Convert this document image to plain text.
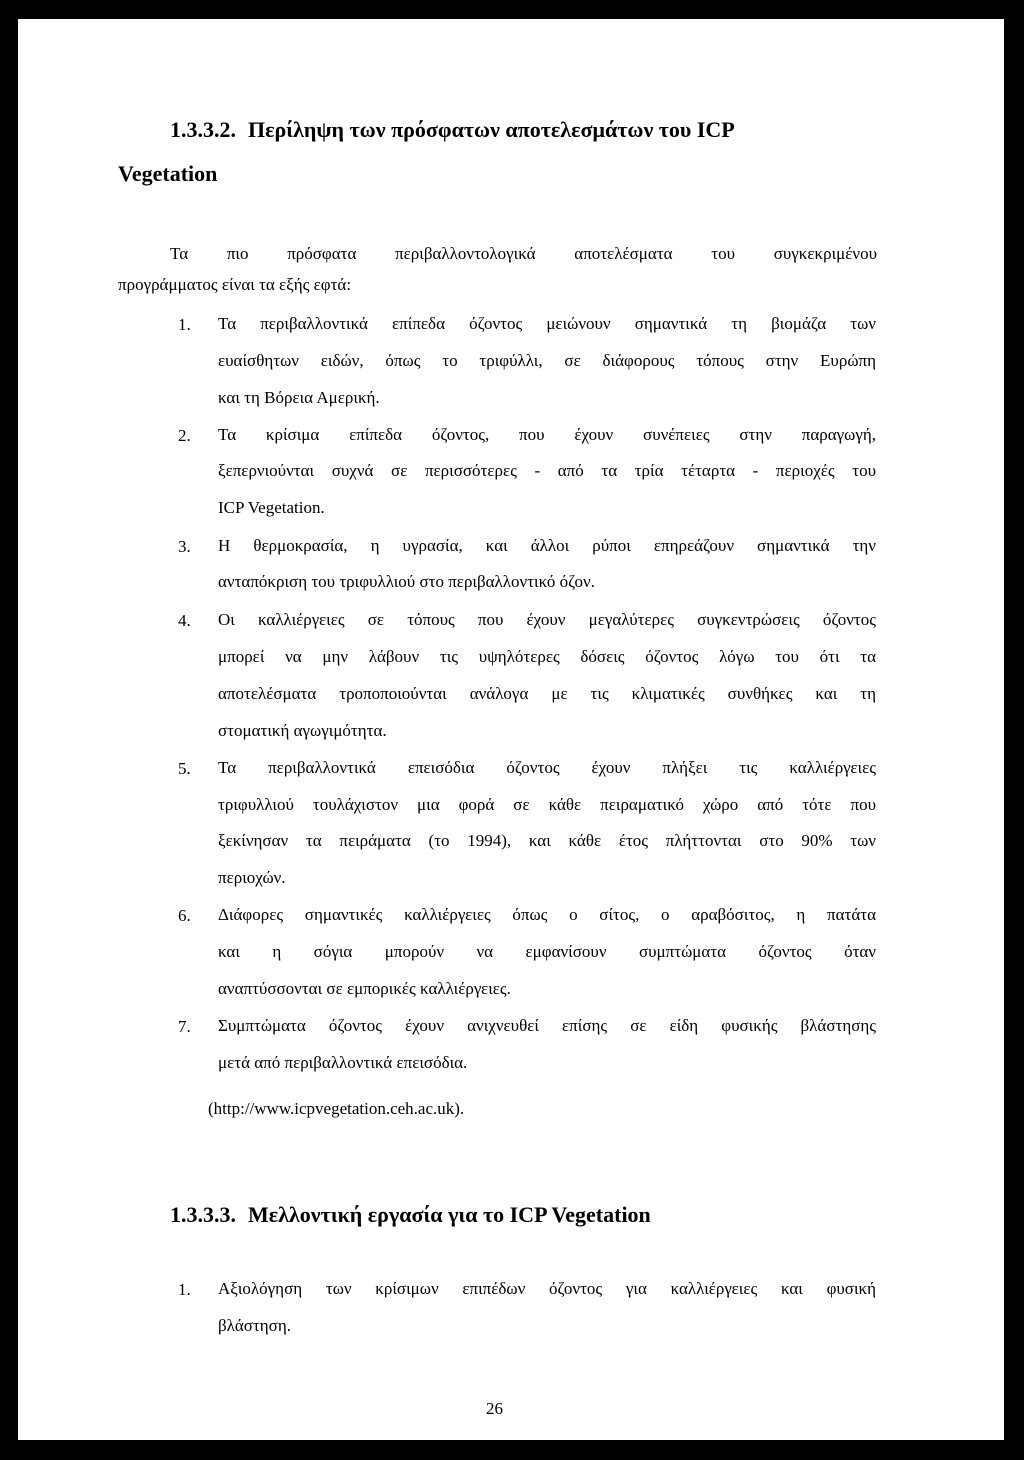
1.3.3.2. Περίληψη των πρόσφατων αποτελεσμάτων του ICP
Vegetation
Τα πιο πρόσφατα περιβαλλοντολογικά αποτελέσματα του συγκεκριμένου
προγράμματος είναι τα εξής εφτά:
1.	Τα περιβαλλοντικά επίπεδα όζοντος μειώνουν σημαντικά τη βιομάζα των
ευαίσθητων ειδών, όπως το τριφύλλι, σε διάφορους τόπους στην Ευρώπη
και τη Βόρεια Αμερική.
2.	Τα κρίσιμα επίπεδα όζοντος, που έχουν συνέπειες στην παραγωγή,
ξεπερνιούνται συχνά σε περισσότερες - από τα τρία τέταρτα - περιοχές του
ICP Vegetation.
3.	Η θερμοκρασία, η υγρασία, και άλλοι ρύποι επηρεάζουν σημαντικά την
ανταπόκριση του τριφυλλιού στο περιβαλλοντικό όζον.
4.	Οι καλλιέργειες σε τόπους που έχουν μεγαλύτερες συγκεντρώσεις όζοντος
μπορεί να μην λάβουν τις υψηλότερες δόσεις όζοντος λόγω του ότι τα
αποτελέσματα τροποποιούνται ανάλογα με τις κλιματικές συνθήκες και τη
στοματική αγωγιμότητα.
5.	Τα περιβαλλοντικά επεισόδια όζοντος έχουν πλήξει τις καλλιέργειες
τριφυλλιού τουλάχιστον μια φορά σε κάθε πειραματικό χώρο από τότε που
ξεκίνησαν τα πειράματα (το 1994), και κάθε έτος πλήττονται στο 90% των
περιοχών.
6.	Διάφορες σημαντικές καλλιέργειες όπως ο σίτος, ο αραβόσιτος, η πατάτα
και η σόγια μπορούν να εμφανίσουν συμπτώματα όζοντος όταν
αναπτύσσονται σε εμπορικές καλλιέργειες.
7.	Συμπτώματα όζοντος έχουν ανιχνευθεί επίσης σε είδη φυσικής βλάστησης
μετά από περιβαλλοντικά επεισόδια.
(http://www.icpvegetation.ceh.ac.uk).
1.3.3.3. Μελλοντική εργασία για το ICP Vegetation
1.	Αξιολόγηση των κρίσιμων επιπέδων όζοντος για καλλιέργειες και φυσική
βλάστηση.
26
